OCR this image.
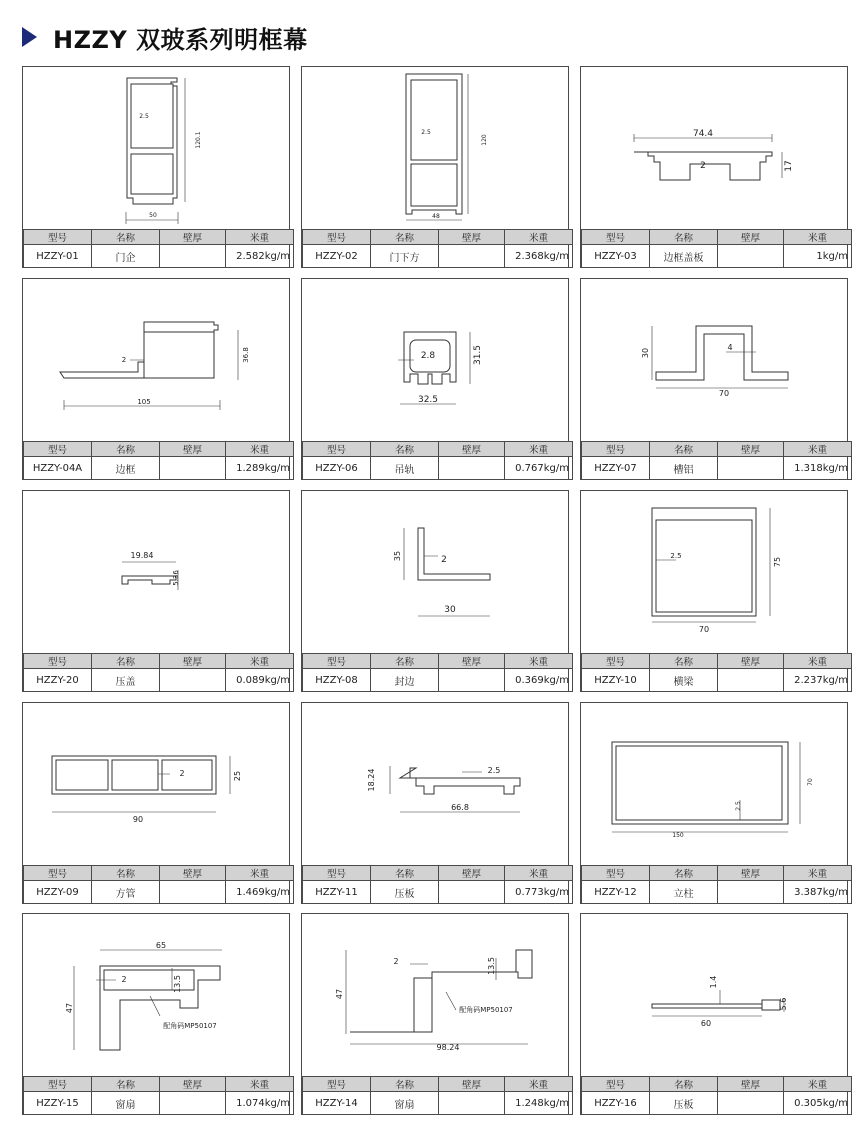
HZZY 双玻系列明框幕
2.5
120.1
50
型号	名称	壁厚	米重
HZZY-01	门企		2.582kg/m
2.5
120
48
型号	名称	壁厚	米重
HZZY-02	门下方		2.368kg/m
74.4
2	17
型号	名称	壁厚	米重
HZZY-03	边框盖板		1kg/m
2	36.8
105
型号	名称	壁厚	米重
HZZY-04A	边框		1.289kg/m
2.8	31.5
32.5
型号	名称	壁厚	米重
HZZY-06	吊轨		0.767kg/m
30
4
70
型号	名称	壁厚	米重
HZZY-07	槽铝		1.318kg/m
19.84
5.36
型号	名称	壁厚	米重
HZZY-20	压盖		0.089kg/m
35	2
30
型号	名称	壁厚	米重
HZZY-08	封边		0.369kg/m
2.5
75
70
型号	名称	壁厚	米重
HZZY-10	横梁		2.237kg/m
2	25
90
型号	名称	壁厚	米重
HZZY-09	方管		1.469kg/m
18.24	2.5
66.8
型号	名称	壁厚	米重
HZZY-11	压板		0.773kg/m
70
2.5
150
型号	名称	壁厚	米重
HZZY-12	立柱		3.387kg/m
65
2	13.5
47
配角码MP50107
型号	名称	壁厚	米重
HZZY-15	窗扇		1.074kg/m
2	13.5
47
配角码MP50107
98.24
型号	名称	壁厚	米重
HZZY-14	窗扇		1.248kg/m
1.4
5.6
60
型号	名称	壁厚	米重
HZZY-16	压板		0.305kg/m
